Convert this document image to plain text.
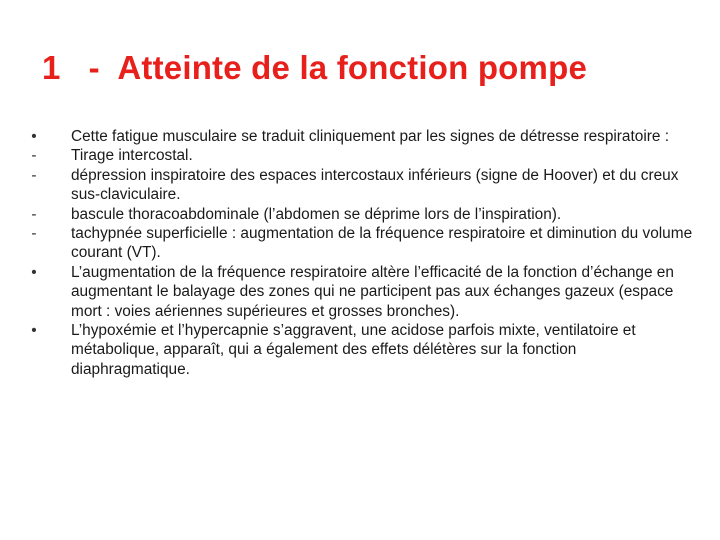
1   -  Atteinte de la fonction pompe
•	Cette fatigue musculaire se traduit cliniquement par les signes de détresse respiratoire :
-	Tirage intercostal.
-	dépression inspiratoire des espaces intercostaux inférieurs (signe de Hoover) et du creux sus-claviculaire.
-	bascule thoracoabdominale (l’abdomen se déprime lors de l’inspiration).
-	tachypnée superficielle : augmentation de la fréquence respiratoire et diminution du volume courant (VT).
•	L’augmentation de la fréquence respiratoire altère l’efficacité de la fonction d’échange en augmentant le balayage des zones qui ne participent pas aux échanges gazeux (espace mort : voies aériennes supérieures et grosses bronches).
•	L’hypoxémie et l’hypercapnie s’aggravent, une acidose parfois mixte, ventilatoire et métabolique, apparaît, qui a également des effets délétères sur la fonction diaphragmatique.
